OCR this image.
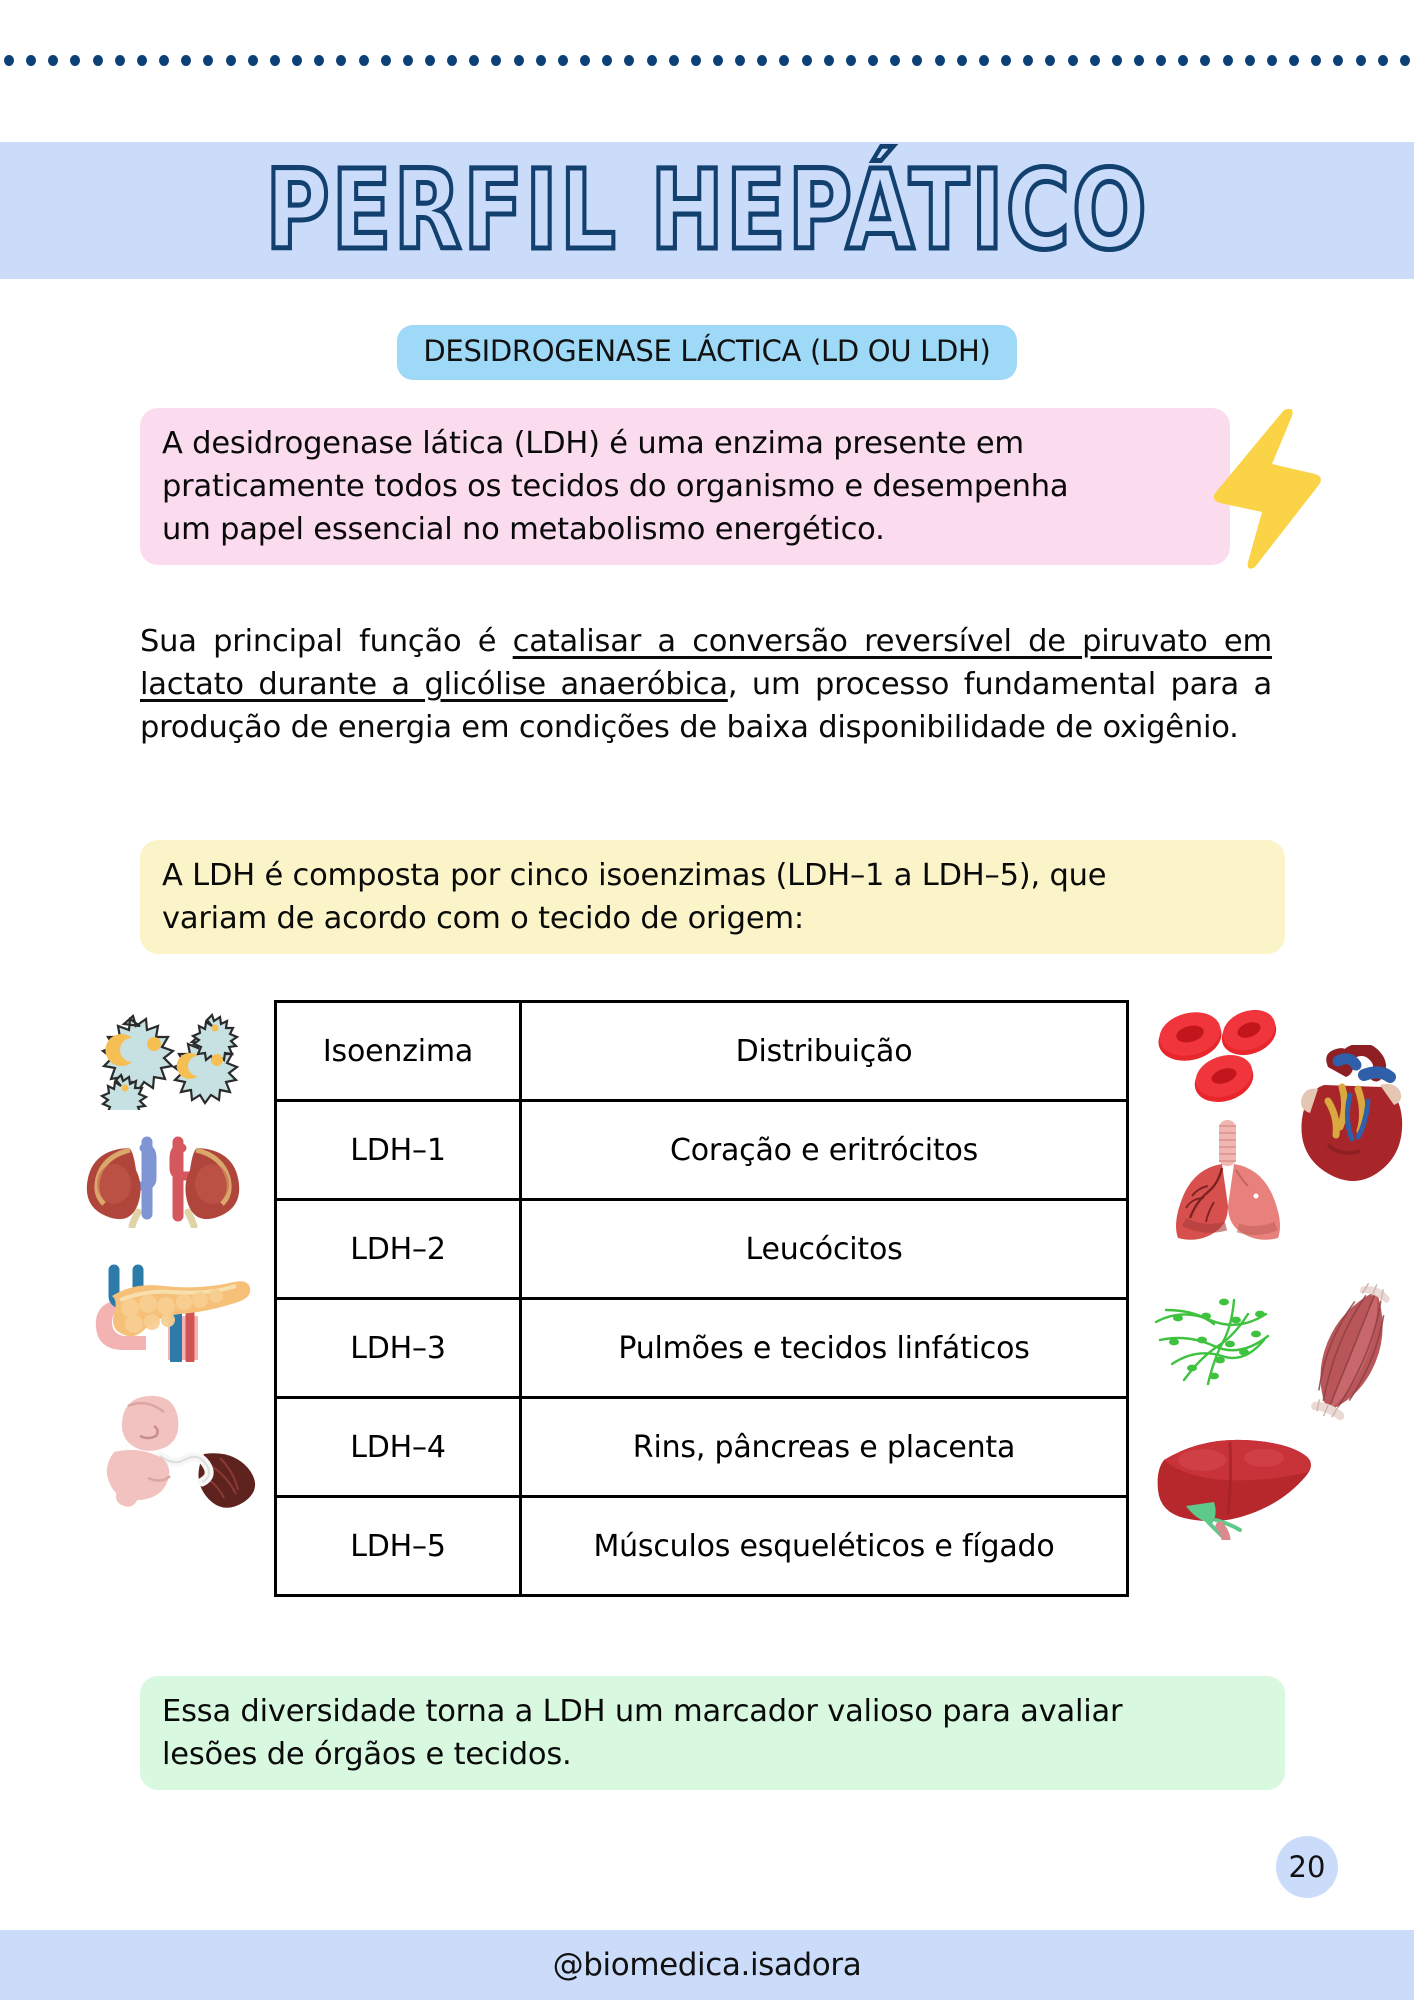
PERFIL HEPÁTICO
DESIDROGENASE LÁCTICA (LD OU LDH)
A desidrogenase lática (LDH) é uma enzima presente em
praticamente todos os tecidos do organismo e desempenha
um papel essencial no metabolismo energético.
Sua principal função é catalisar a conversão reversível de piruvato em lactato durante a glicólise anaeróbica, um processo fundamental para a produção de energia em condições de baixa disponibilidade de oxigênio.
A LDH é composta por cinco isoenzimas (LDH–1 a LDH–5), que
variam de acordo com o tecido de origem:
Isoenzima	Distribuição
LDH–1	Coração e eritrócitos
LDH–2	Leucócitos
LDH–3	Pulmões e tecidos linfáticos
LDH–4	Rins, pâncreas e placenta
LDH–5	Músculos esqueléticos e fígado
Essa diversidade torna a LDH um marcador valioso para avaliar
lesões de órgãos e tecidos.
20
@biomedica.isadora
